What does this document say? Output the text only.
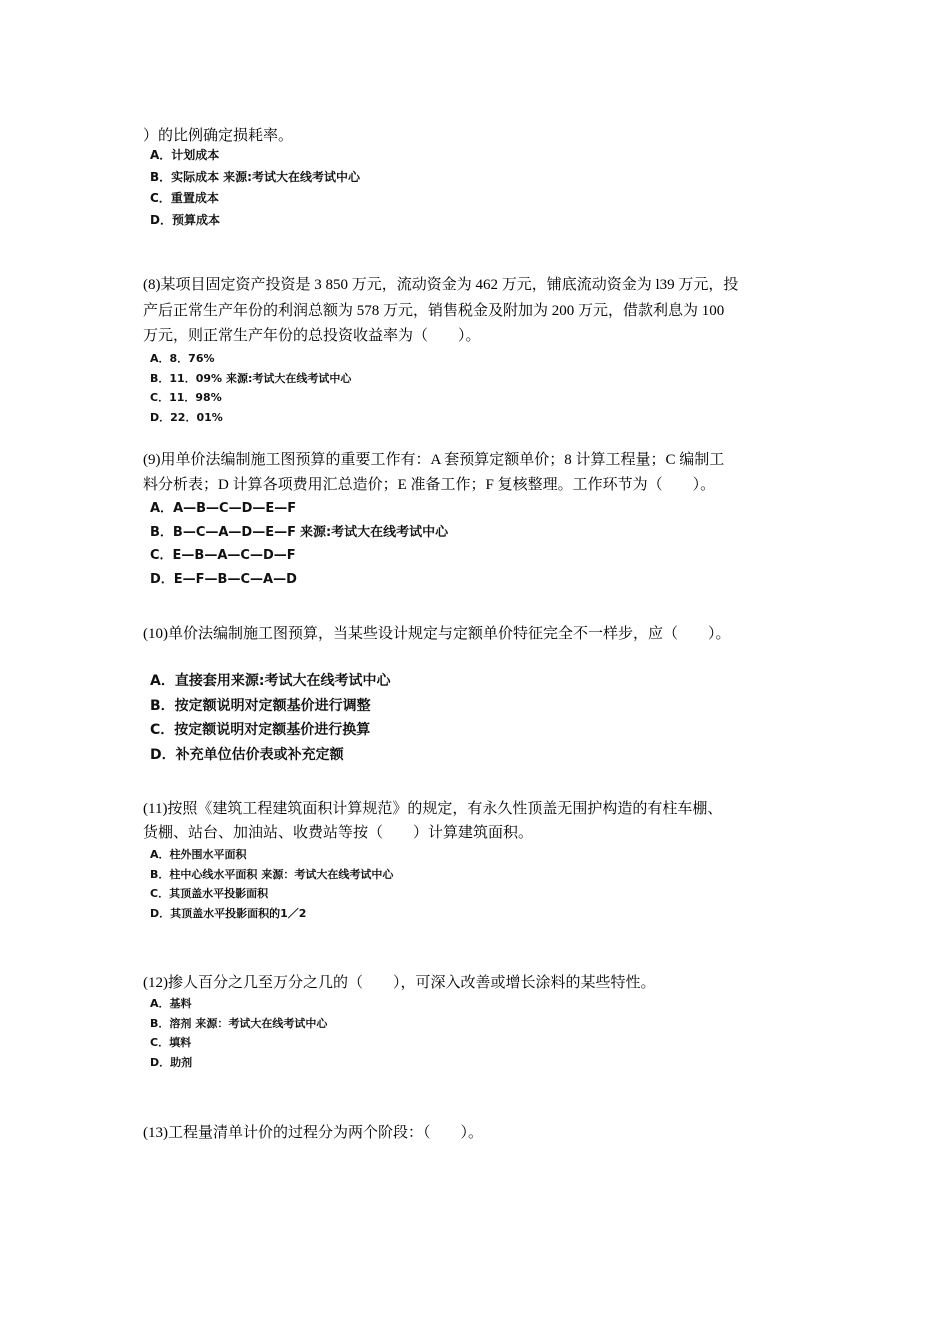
）的比例确定损耗率。

A．计划成本
B．实际成本 来源:考试大在线考试中心
C．重置成本
D．预算成本

(8)某项目固定资产投资是 3 850 万元，流动资金为 462 万元，铺底流动资金为 l39 万元，投

产后正常生产年份的利润总额为 578 万元，销售税金及附加为 200 万元，借款利息为 100

万元，则正常生产年份的总投资收益率为（　　）。

A．8．76%
B．11．09% 来源:考试大在线考试中心
C．11．98%
D．22．01%

(9)用单价法编制施工图预算的重要工作有：A 套预算定额单价；8 计算工程量；C 编制工

料分析表；D 计算各项费用汇总造价；E 准备工作；F 复核整理。工作环节为（　　）。

A．A—B—C—D—E—F
B．B—C—A—D—E—F 来源:考试大在线考试中心
C．E—B—A—C—D—F
D．E—F—B—C—A—D

(10)单价法编制施工图预算，当某些设计规定与定额单价特征完全不一样步，应（　　）。

A．直接套用来源:考试大在线考试中心
B．按定额说明对定额基价进行调整
C．按定额说明对定额基价进行换算
D．补充单位估价表或补充定额

(11)按照《建筑工程建筑面积计算规范》的规定，有永久性顶盖无围护构造的有柱车棚、

货棚、站台、加油站、收费站等按（　　）计算建筑面积。

A．柱外围水平面积
B．柱中心线水平面积 来源：考试大在线考试中心
C．其顶盖水平投影面积
D．其顶盖水平投影面积的1／2

(12)掺人百分之几至万分之几的（　　），可深入改善或增长涂料的某些特性。

A．基料
B．溶剂 来源：考试大在线考试中心
C．填料
D．助剂

(13)工程量清单计价的过程分为两个阶段：（　　）。
